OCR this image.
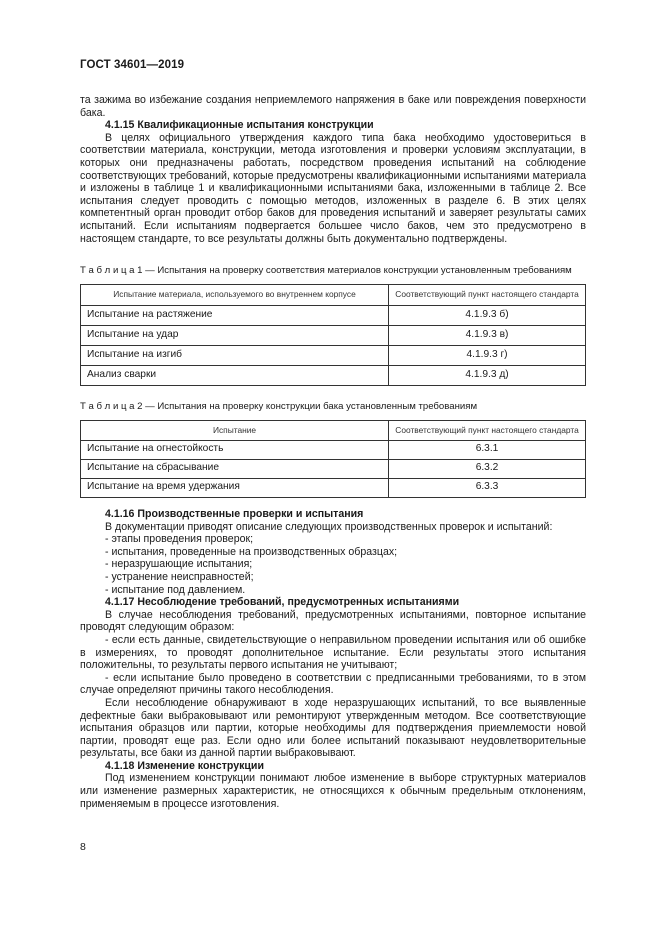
ГОСТ 34601—2019

та зажима во избежание создания неприемлемого напряжения в баке или повреждения поверхности бака.

4.1.15 Квалификационные испытания конструкции

В целях официального утверждения каждого типа бака необходимо удостовериться в соответствии материала, конструкции, метода изготовления и проверки условиям эксплуатации, в которых они предназначены работать, посредством проведения испытаний на соблюдение соответствующих требований, которые предусмотрены квалификационными испытаниями материала и изложены в таблице 1 и квалификационными испытаниями бака, изложенными в таблице 2. Все испытания следует проводить с помощью методов, изложенных в разделе 6. В этих целях компетентный орган проводит отбор баков для проведения испытаний и заверяет результаты самих испытаний. Если испытаниям подвергается большее число баков, чем это предусмотрено в настоящем стандарте, то все результаты должны быть документально подтверждены.

Т а б л и ц а 1 — Испытания на проверку соответствия материалов конструкции установленным требованиям
Испытание материала, используемого во внутреннем корпусе	Соответствующий пункт настоящего стандарта
Испытание на растяжение	4.1.9.3 б)
Испытание на удар	4.1.9.3 в)
Испытание на изгиб	4.1.9.3 г)
Анализ сварки	4.1.9.3 д)
Т а б л и ц а 2 — Испытания на проверку конструкции бака установленным требованиям
Испытание	Соответствующий пункт настоящего стандарта
Испытание на огнестойкость	6.3.1
Испытание на сбрасывание	6.3.2
Испытание на время удержания	6.3.3

4.1.16 Производственные проверки и испытания

В документации приводят описание следующих производственных проверок и испытаний:

- этапы проведения проверок;

- испытания, проведенные на производственных образцах;

- неразрушающие испытания;

- устранение неисправностей;

- испытание под давлением.

4.1.17 Несоблюдение требований, предусмотренных испытаниями

В случае несоблюдения требований, предусмотренных испытаниями, повторное испытание проводят следующим образом:

- если есть данные, свидетельствующие о неправильном проведении испытания или об ошибке в измерениях, то проводят дополнительное испытание. Если результаты этого испытания положительны, то результаты первого испытания не учитывают;

- если испытание было проведено в соответствии с предписанными требованиями, то в этом случае определяют причины такого несоблюдения.

Если несоблюдение обнаруживают в ходе неразрушающих испытаний, то все выявленные дефектные баки выбраковывают или ремонтируют утвержденным методом. Все соответствующие испытания образцов или партии, которые необходимы для подтверждения приемлемости новой партии, проводят еще раз. Если одно или более испытаний показывают неудовлетворительные результаты, все баки из данной партии выбраковывают.

4.1.18 Изменение конструкции

Под изменением конструкции понимают любое изменение в выборе структурных материалов или изменение размерных характеристик, не относящихся к обычным предельным отклонениям, применяемым в процессе изготовления.

8
